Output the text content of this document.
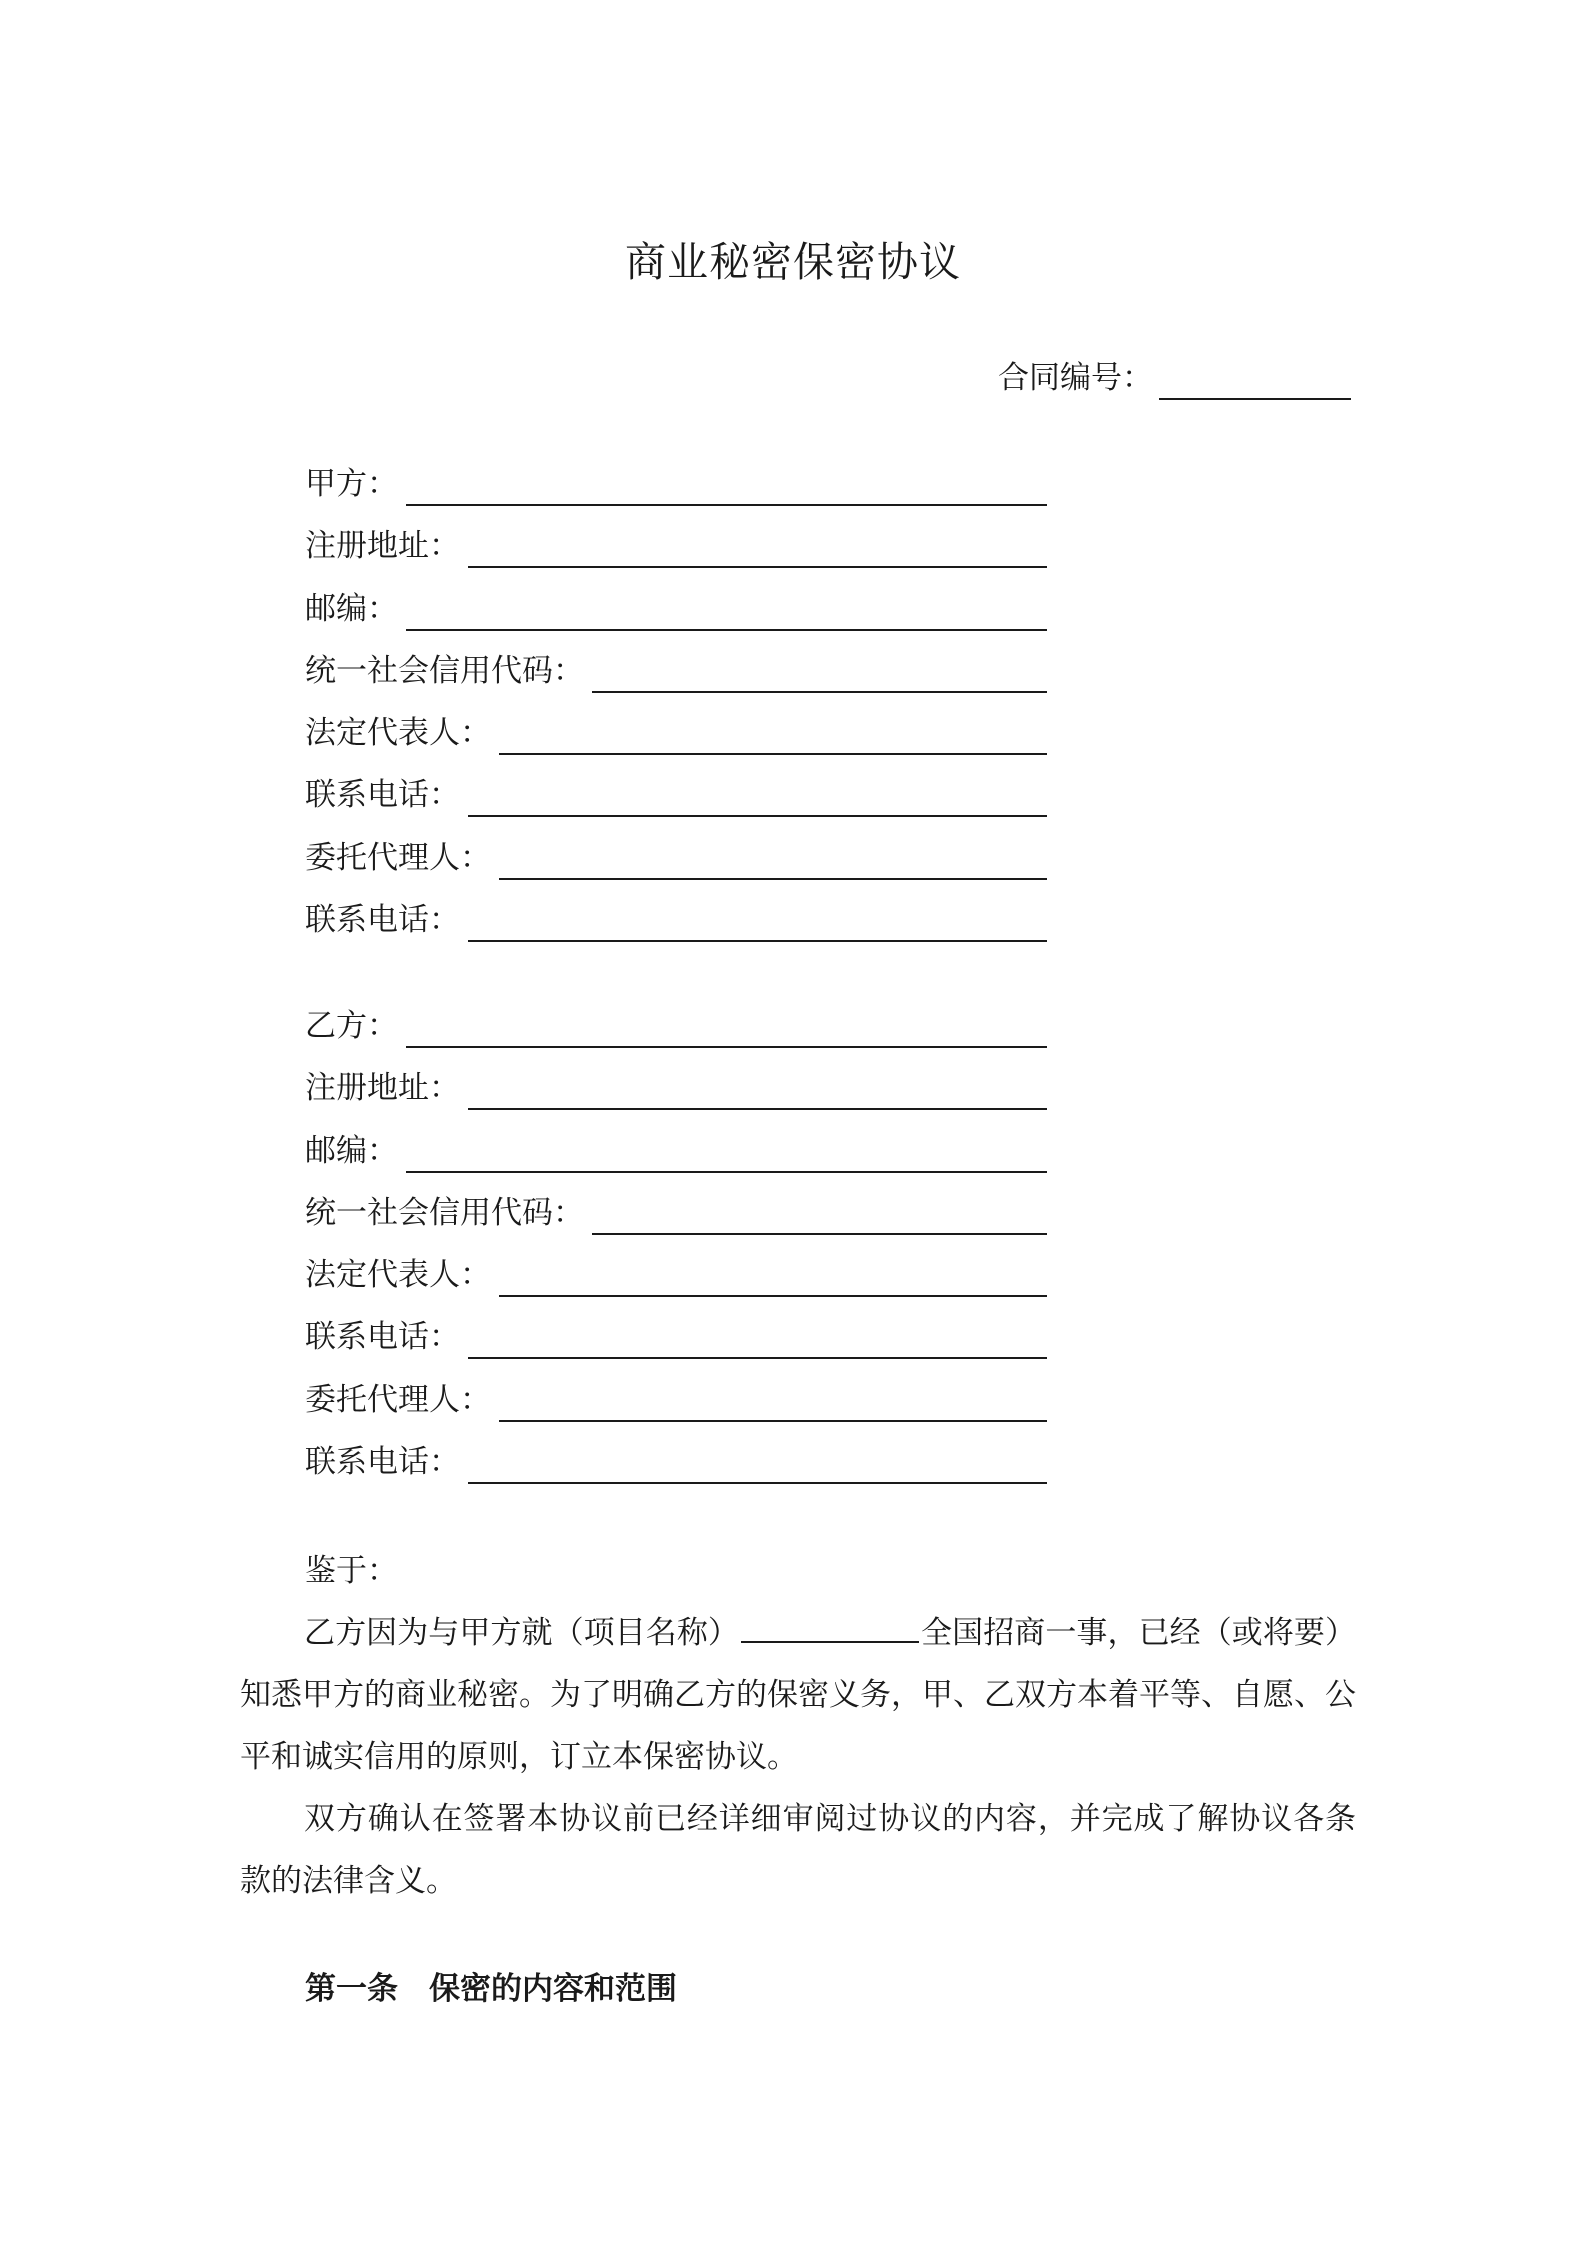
商业秘密保密协议
合同编号：
甲方：
注册地址：
邮编：
统一社会信用代码：
法定代表人：
联系电话：
委托代理人：
联系电话：
乙方：
注册地址：
邮编：
统一社会信用代码：
法定代表人：
联系电话：
委托代理人：
联系电话：
鉴于：

乙方因为与甲方就（项目名称）	全国招商一事，已经（或将要）知悉甲方的商业秘密。为了明确乙方的保密义务，甲、乙双方本着平等、自愿、公平和诚实信用的原则，订立本保密协议。

双方确认在签署本协议前已经详细审阅过协议的内容，并完成了解协议各条款的法律含义。

第一条　保密的内容和范围
